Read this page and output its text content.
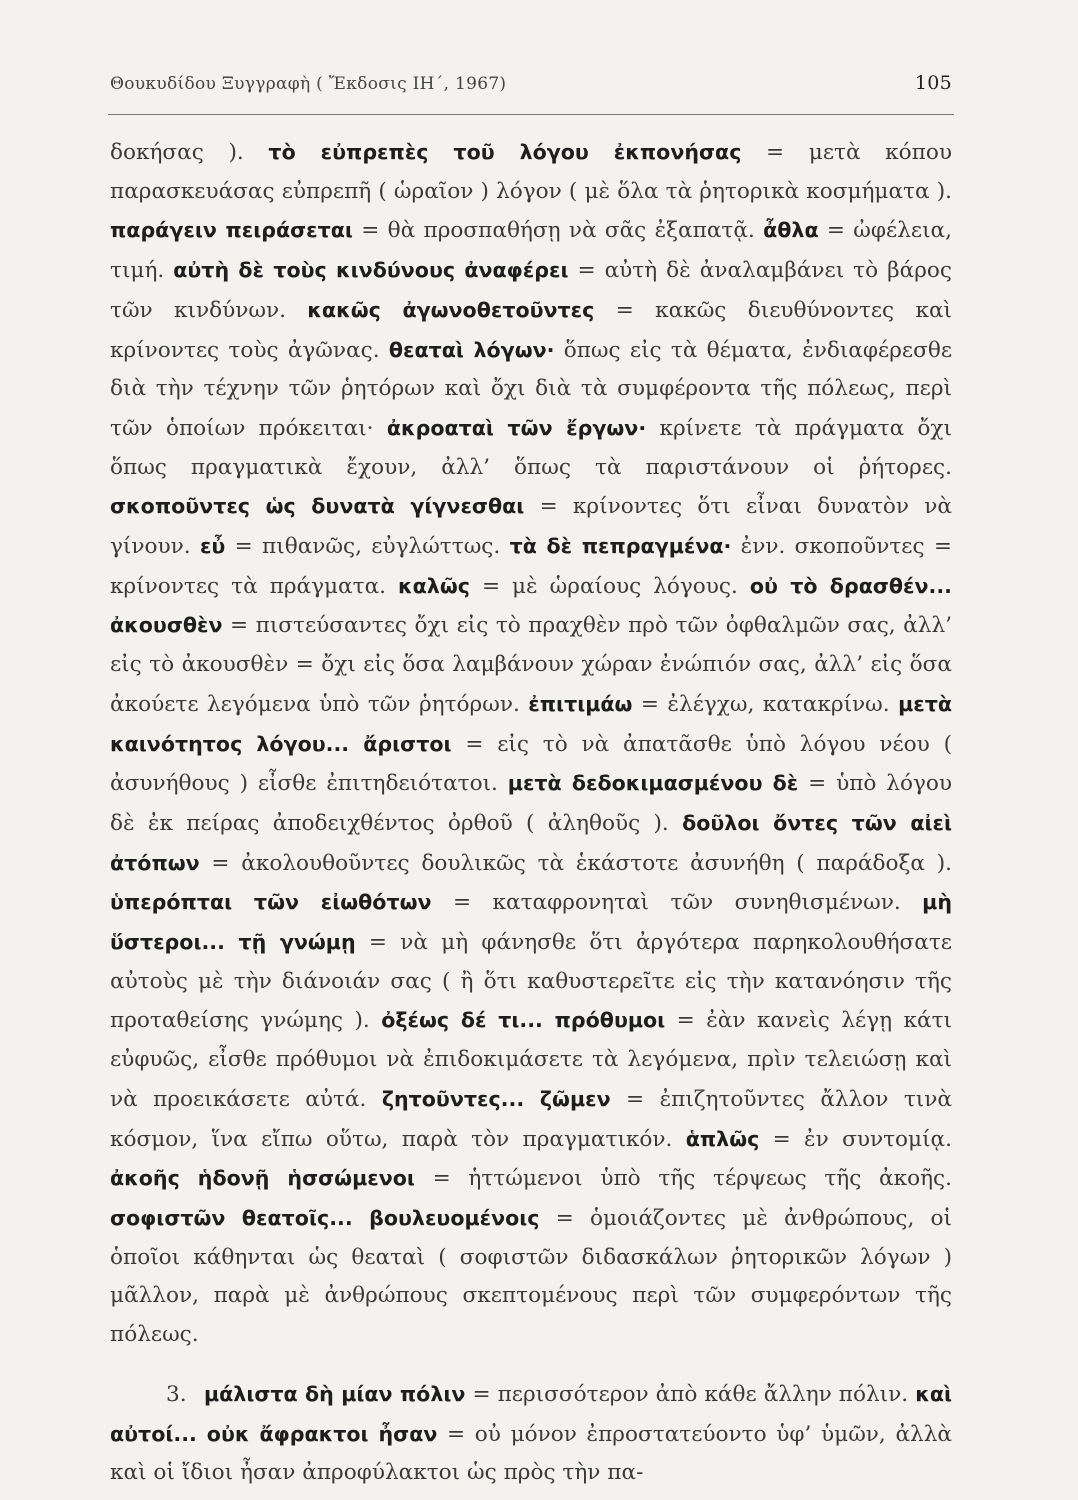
Θουκυδίδου Ξυγγραφὴ ( Ἔκδοσις ΙΗ΄, 1967)	105

δοκήσας ). τὸ εὐπρεπὲς τοῦ λόγου ἐκπονήσας = μετὰ κόπου παρασκευάσας εὐπρεπῆ ( ὡραῖον ) λόγον ( μὲ ὅλα τὰ ῥητορικὰ κοσμήματα ). παράγειν πειράσεται = θὰ προσπαθήσῃ νὰ σᾶς ἐξαπατᾷ. ἆθλα = ὠφέλεια, τιμή. αὐτὴ δὲ τοὺς κινδύνους ἀναφέρει = αὐτὴ δὲ ἀναλαμβάνει τὸ βάρος τῶν κινδύνων. κακῶς ἀγωνοθετοῦντες = κακῶς διευθύνοντες καὶ κρίνοντες τοὺς ἀγῶνας. θεαταὶ λόγων· ὅπως εἰς τὰ θέματα, ἐνδιαφέρεσθε διὰ τὴν τέχνην τῶν ῥητόρων καὶ ὄχι διὰ τὰ συμφέροντα τῆς πόλεως, περὶ τῶν ὁποίων πρόκειται· ἀκροαταὶ τῶν ἔργων· κρίνετε τὰ πράγματα ὄχι ὅπως πραγματικὰ ἔχουν, ἀλλ’ ὅπως τὰ παριστάνουν οἱ ῥήτορες. σκοποῦντες ὡς δυνατὰ γίγνεσθαι = κρίνοντες ὅτι εἶναι δυνατὸν νὰ γίνουν. εὖ = πιθανῶς, εὐγλώττως. τὰ δὲ πεπραγμένα· ἐνν. σκοποῦντες = κρίνοντες τὰ πράγματα. καλῶς = μὲ ὡραίους λόγους. οὐ τὸ δρασθέν... ἀκουσθὲν = πιστεύσαντες ὄχι εἰς τὸ πραχθὲν πρὸ τῶν ὀφθαλμῶν σας, ἀλλ’ εἰς τὸ ἀκουσθὲν = ὄχι εἰς ὅσα λαμβάνουν χώραν ἐνώπιόν σας, ἀλλ’ εἰς ὅσα ἀκούετε λεγόμενα ὑπὸ τῶν ῥητόρων. ἐπιτιμάω = ἐλέγχω, κατακρίνω. μετὰ καινότητος λόγου... ἄριστοι = εἰς τὸ νὰ ἀπατᾶσθε ὑπὸ λόγου νέου ( ἀσυνήθους ) εἶσθε ἐπιτηδειότατοι. μετὰ δεδοκιμασμένου δὲ = ὑπὸ λόγου δὲ ἐκ πείρας ἀποδειχθέντος ὀρθοῦ ( ἀληθοῦς ). δοῦλοι ὄντες τῶν αἰεὶ ἀτόπων = ἀκολουθοῦντες δουλικῶς τὰ ἑκάστοτε ἀσυνήθη ( παράδοξα ). ὑπερόπται τῶν εἰωθότων = καταφρονηταὶ τῶν συνηθισμένων. μὴ ὕστεροι... τῇ γνώμῃ = νὰ μὴ φάνησθε ὅτι ἀργότερα παρηκολουθήσατε αὐτοὺς μὲ τὴν διάνοιάν σας ( ἢ ὅτι καθυστερεῖτε εἰς τὴν κατανόησιν τῆς προταθείσης γνώμης ). ὀξέως δέ τι... πρόθυμοι = ἐὰν κανεὶς λέγῃ κάτι εὐφυῶς, εἶσθε πρόθυμοι νὰ ἐπιδοκιμάσετε τὰ λεγόμενα, πρὶν τελειώσῃ καὶ νὰ προεικάσετε αὐτά. ζητοῦντες... ζῶμεν = ἐπιζητοῦντες ἄλλον τινὰ κόσμον, ἵνα εἴπω οὕτω, παρὰ τὸν πραγματικόν. ἁπλῶς = ἐν συντομίᾳ. ἀκοῆς ἡδονῇ ἡσσώμενοι = ἡττώμενοι ὑπὸ τῆς τέρψεως τῆς ἀκοῆς. σοφιστῶν θεατοῖς... βουλευομένοις = ὁμοιάζοντες μὲ ἀνθρώπους, οἱ ὁποῖοι κάθηνται ὡς θεαταὶ ( σοφιστῶν διδασκάλων ῥητορικῶν λόγων ) μᾶλλον, παρὰ μὲ ἀνθρώπους σκεπτομένους περὶ τῶν συμφερόντων τῆς πόλεως.

3. μάλιστα δὴ μίαν πόλιν = περισσότερον ἀπὸ κάθε ἄλλην πόλιν. καὶ αὐτοί... οὐκ ἄφρακτοι ἦσαν = οὐ μόνον ἐπροστατεύοντο ὑφ’ ὑμῶν, ἀλλὰ καὶ οἱ ἴδιοι ἦσαν ἀπροφύλακτοι ὡς πρὸς τὴν πα-
